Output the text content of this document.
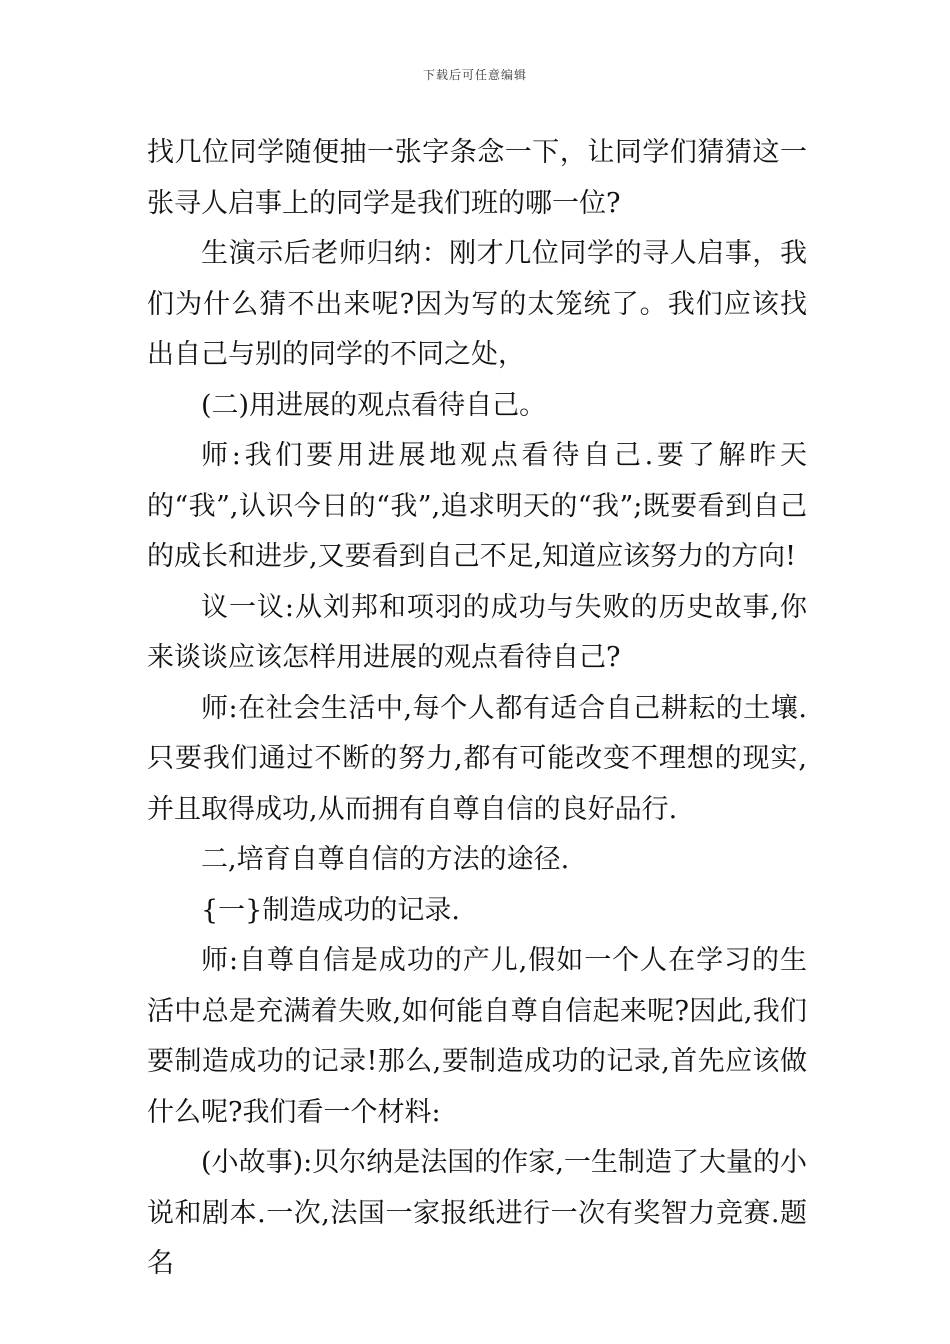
下载后可任意编辑

找几位同学随便抽一张字条念一下，让同学们猜猜这一张寻人启事上的同学是我们班的哪一位?

生演示后老师归纳：刚才几位同学的寻人启事，我们为什么猜不出来呢?因为写的太笼统了。我们应该找出自己与别的同学的不同之处，

(二)用进展的观点看待自己。

师:我们要用进展地观点看待自己.要了解昨天的“我”,认识今日的“我”,追求明天的“我”;既要看到自己的成长和进步,又要看到自己不足,知道应该努力的方向!

议一议:从刘邦和项羽的成功与失败的历史故事,你来谈谈应该怎样用进展的观点看待自己?

师:在社会生活中,每个人都有适合自己耕耘的土壤.只要我们通过不断的努力,都有可能改变不理想的现实,并且取得成功,从而拥有自尊自信的良好品行.

二,培育自尊自信的方法的途径.

{一}制造成功的记录.

师:自尊自信是成功的产儿,假如一个人在学习的生活中总是充满着失败,如何能自尊自信起来呢?因此,我们要制造成功的记录!那么,要制造成功的记录,首先应该做什么呢?我们看一个材料:

(小故事):贝尔纳是法国的作家,一生制造了大量的小说和剧本.一次,法国一家报纸进行一次有奖智力竞赛.题名
